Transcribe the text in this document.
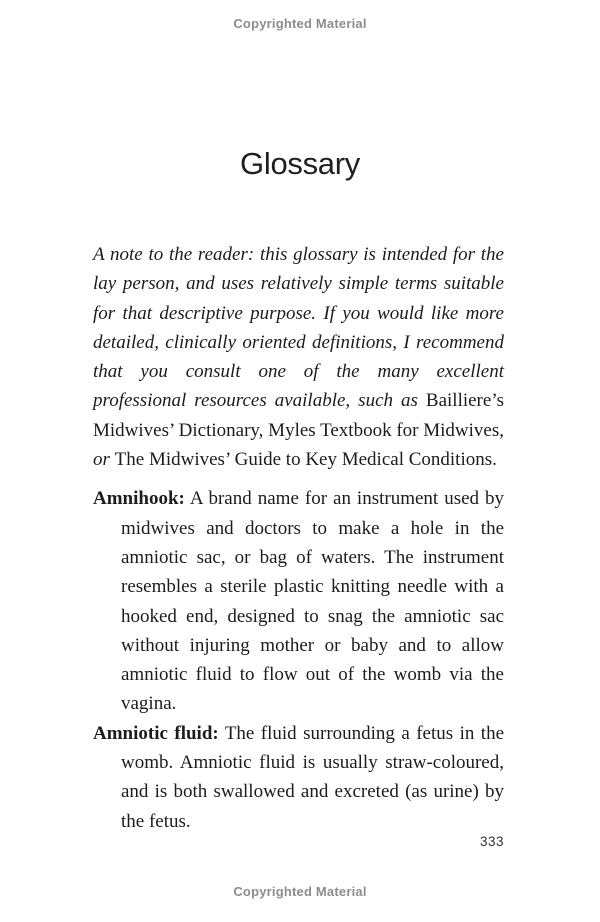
Copyrighted Material
Glossary

A note to the reader: this glossary is intended for the lay person, and uses relatively simple terms suitable for that descriptive purpose. If you would like more detailed, clinically oriented definitions, I recommend that you consult one of the many excellent professional resources available, such as Bailliere’s Midwives’ Dictionary, Myles Textbook for Midwives, or The Midwives’ Guide to Key Medical Conditions.

Amnihook: A brand name for an instrument used by midwives and doctors to make a hole in the amniotic sac, or bag of waters. The instrument resembles a sterile plastic knitting needle with a hooked end, designed to snag the amniotic sac without injuring mother or baby and to allow amniotic fluid to flow out of the womb via the vagina.

Amniotic fluid: The fluid surrounding a fetus in the womb. Amniotic fluid is usually straw-coloured, and is both swallowed and excreted (as urine) by the fetus.

333
Copyrighted Material
